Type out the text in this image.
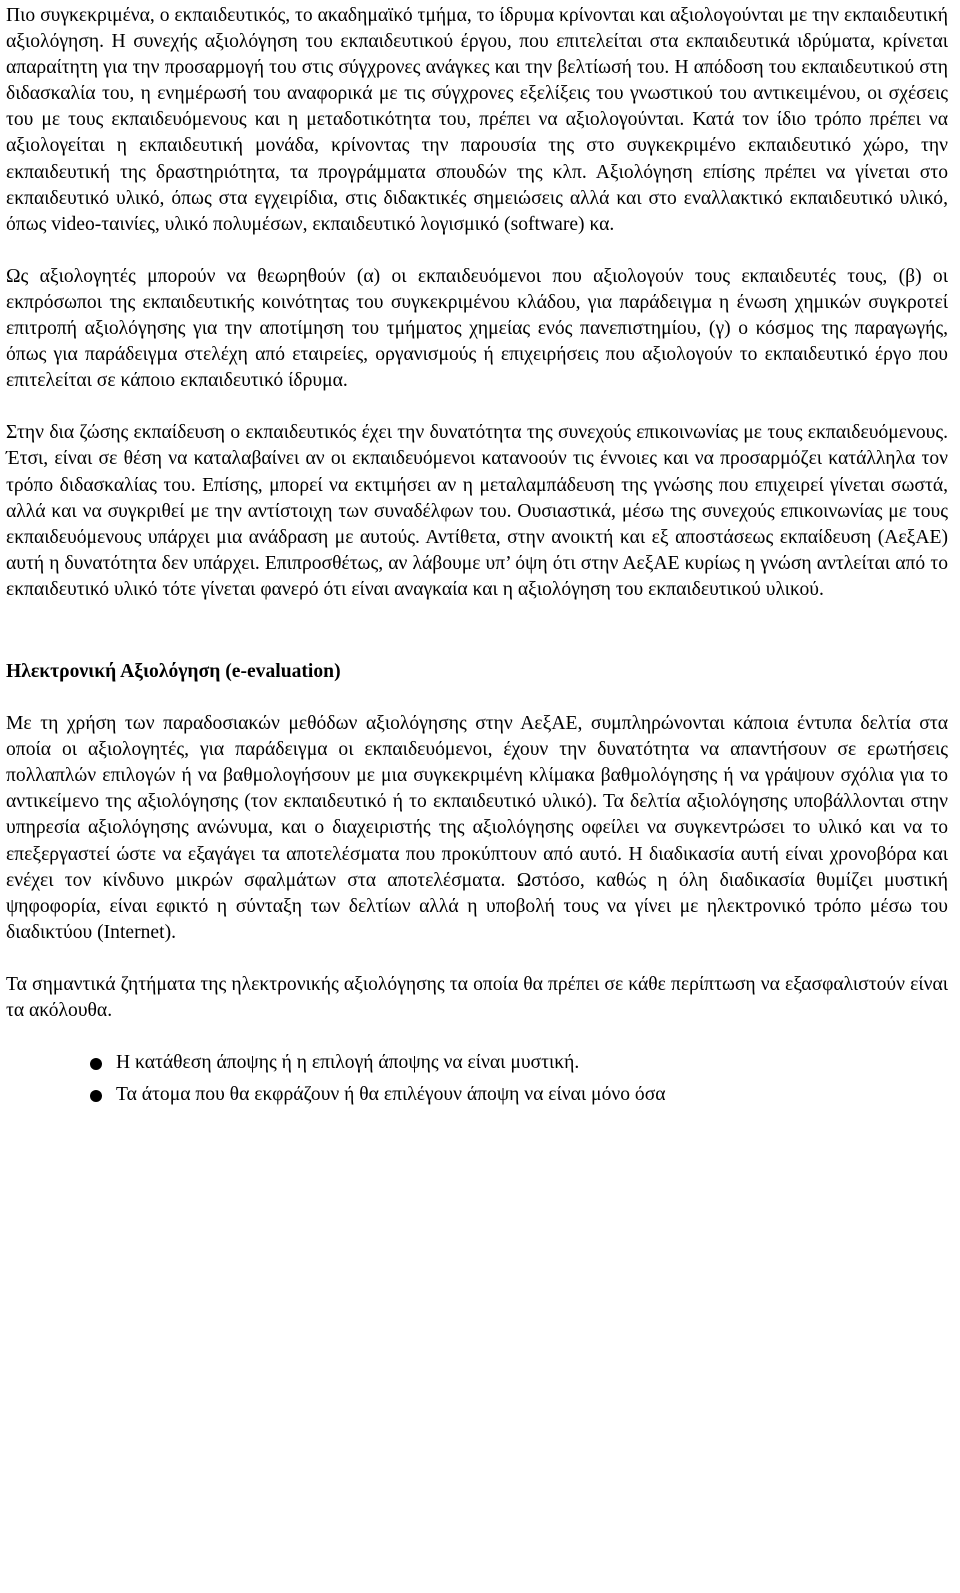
Πιο συγκεκριμένα, ο εκπαιδευτικός, το ακαδημαϊκό τμήμα, το ίδρυμα κρίνονται και αξιολογούνται με την εκπαιδευτική αξιολόγηση. Η συνεχής αξιολόγηση του εκπαιδευτικού έργου, που επιτελείται στα εκπαιδευτικά ιδρύματα, κρίνεται απαραίτητη για την προσαρμογή του στις σύγχρονες ανάγκες και την βελτίωσή του. Η απόδοση του εκπαιδευτικού στη διδασκαλία του, η ενημέρωσή του αναφορικά με τις σύγχρονες εξελίξεις του γνωστικού του αντικειμένου, οι σχέσεις του με τους εκπαιδευόμενους και η μεταδοτικότητα του, πρέπει να αξιολογούνται. Κατά τον ίδιο τρόπο πρέπει να αξιολογείται η εκπαιδευτική μονάδα, κρίνοντας την παρουσία της στο συγκεκριμένο εκπαιδευτικό χώρο, την εκπαιδευτική της δραστηριότητα, τα προγράμματα σπουδών της κλπ. Αξιολόγηση επίσης πρέπει να γίνεται στο εκπαιδευτικό υλικό, όπως στα εγχειρίδια, στις διδακτικές σημειώσεις αλλά και στο εναλλακτικό εκπαιδευτικό υλικό, όπως video-ταινίες, υλικό πολυμέσων, εκπαιδευτικό λογισμικό (software) κα.

Ως αξιολογητές μπορούν να θεωρηθούν (α) οι εκπαιδευόμενοι που αξιολογούν τους εκπαιδευτές τους, (β) οι εκπρόσωποι της εκπαιδευτικής κοινότητας του συγκεκριμένου κλάδου, για παράδειγμα η ένωση χημικών συγκροτεί επιτροπή αξιολόγησης για την αποτίμηση του τμήματος χημείας ενός πανεπιστημίου, (γ) ο κόσμος της παραγωγής, όπως για παράδειγμα στελέχη από εταιρείες, οργανισμούς ή επιχειρήσεις που αξιολογούν το εκπαιδευτικό έργο που επιτελείται σε κάποιο εκπαιδευτικό ίδρυμα.

Στην δια ζώσης εκπαίδευση ο εκπαιδευτικός έχει την δυνατότητα της συνεχούς επικοινωνίας με τους εκπαιδευόμενους. Έτσι, είναι σε θέση να καταλαβαίνει αν οι εκπαιδευόμενοι κατανοούν τις έννοιες και να προσαρμόζει κατάλληλα τον τρόπο διδασκαλίας του. Επίσης, μπορεί να εκτιμήσει αν η μεταλαμπάδευση της γνώσης που επιχειρεί γίνεται σωστά, αλλά και να συγκριθεί με την αντίστοιχη των συναδέλφων του. Ουσιαστικά, μέσω της συνεχούς επικοινωνίας με τους εκπαιδευόμενους υπάρχει μια ανάδραση με αυτούς. Αντίθετα, στην ανοικτή και εξ αποστάσεως εκπαίδευση (ΑεξΑΕ) αυτή η δυνατότητα δεν υπάρχει. Επιπροσθέτως, αν λάβουμε υπ’ όψη ότι στην ΑεξΑΕ κυρίως η γνώση αντλείται από το εκπαιδευτικό υλικό τότε γίνεται φανερό ότι είναι αναγκαία και η αξιολόγηση του εκπαιδευτικού υλικού.

Ηλεκτρονική Αξιολόγηση (e-evaluation)

Με τη χρήση των παραδοσιακών μεθόδων αξιολόγησης στην ΑεξΑΕ, συμπληρώνονται κάποια έντυπα δελτία στα οποία οι αξιολογητές, για παράδειγμα οι εκπαιδευόμενοι, έχουν την δυνατότητα να απαντήσουν σε ερωτήσεις πολλαπλών επιλογών ή να βαθμολογήσουν με μια συγκεκριμένη κλίμακα βαθμολόγησης ή να γράψουν σχόλια για το αντικείμενο της αξιολόγησης (τον εκπαιδευτικό ή το εκπαιδευτικό υλικό). Τα δελτία αξιολόγησης υποβάλλονται στην υπηρεσία αξιολόγησης ανώνυμα, και ο διαχειριστής της αξιολόγησης οφείλει να συγκεντρώσει το υλικό και να το επεξεργαστεί ώστε να εξαγάγει τα αποτελέσματα που προκύπτουν από αυτό. Η διαδικασία αυτή είναι χρονοβόρα και ενέχει τον κίνδυνο μικρών σφαλμάτων στα αποτελέσματα. Ωστόσο, καθώς η όλη διαδικασία θυμίζει μυστική ψηφοφορία, είναι εφικτό η σύνταξη των δελτίων αλλά η υποβολή τους να γίνει με ηλεκτρονικό τρόπο μέσω του διαδικτύου (Internet).

Τα σημαντικά ζητήματα της ηλεκτρονικής αξιολόγησης τα οποία θα πρέπει σε κάθε περίπτωση να εξασφαλιστούν είναι τα ακόλουθα.

Η κατάθεση άποψης ή η επιλογή άποψης να είναι μυστική.
Τα άτομα που θα εκφράζουν ή θα επιλέγουν άποψη να είναι μόνο όσα
